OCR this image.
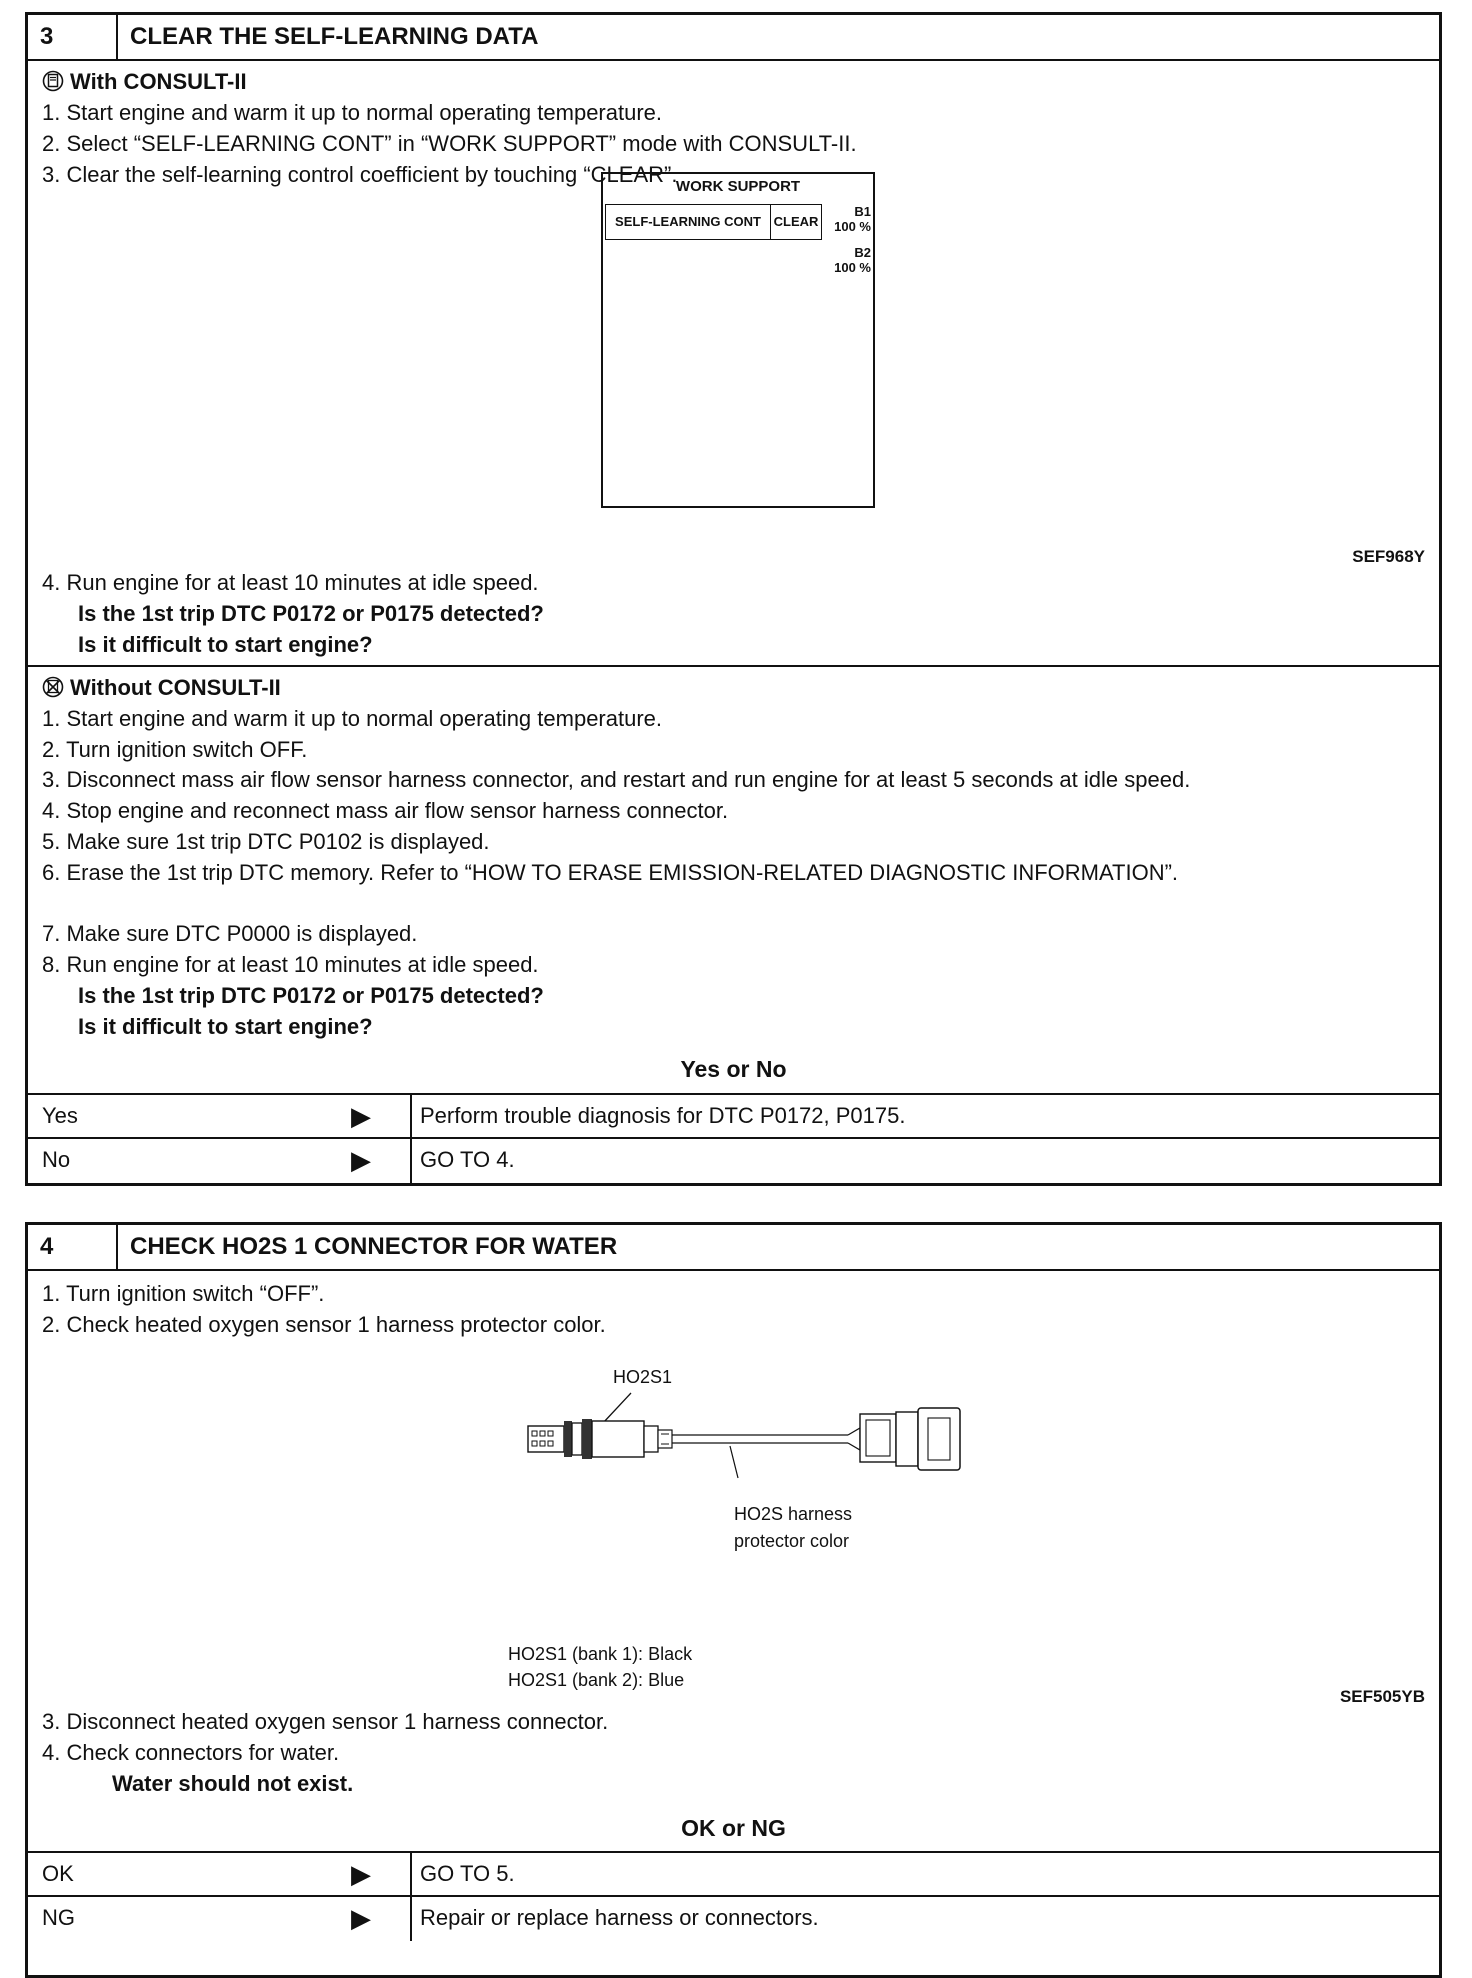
3	CLEAR THE SELF-LEARNING DATA
With CONSULT-II
1. Start engine and warm it up to normal operating temperature.
2. Select “SELF-LEARNING CONT” in “WORK SUPPORT” mode with CONSULT-II.
3. Clear the self-learning control coefficient by touching “CLEAR”.
WORK SUPPORT
SELF-LEARNING CONT CLEAR
B1
100 %
B2
100 %
SEF968Y
4. Run engine for at least 10 minutes at idle speed.
Is the 1st trip DTC P0172 or P0175 detected?
Is it difficult to start engine?
Without CONSULT-II
1. Start engine and warm it up to normal operating temperature.
2. Turn ignition switch OFF.
3. Disconnect mass air flow sensor harness connector, and restart and run engine for at least 5 seconds at idle speed.
4. Stop engine and reconnect mass air flow sensor harness connector.
5. Make sure 1st trip DTC P0102 is displayed.
6. Erase the 1st trip DTC memory. Refer to “HOW TO ERASE EMISSION-RELATED DIAGNOSTIC INFORMATION”.
7. Make sure DTC P0000 is displayed.
8. Run engine for at least 10 minutes at idle speed.
Is the 1st trip DTC P0172 or P0175 detected?
Is it difficult to start engine?
Yes or No
Yes	▶ Perform trouble diagnosis for DTC P0172, P0175.
No	▶ GO TO 4.
4	CHECK HO2S 1 CONNECTOR FOR WATER
1. Turn ignition switch “OFF”.
2. Check heated oxygen sensor 1 harness protector color.
HO2S1
HO2S harness
protector color
HO2S1 (bank 1): Black
HO2S1 (bank 2): Blue
SEF505YB
3. Disconnect heated oxygen sensor 1 harness connector.
4. Check connectors for water.
Water should not exist.
OK or NG
OK	▶ GO TO 5.
NG	▶ Repair or replace harness or connectors.
